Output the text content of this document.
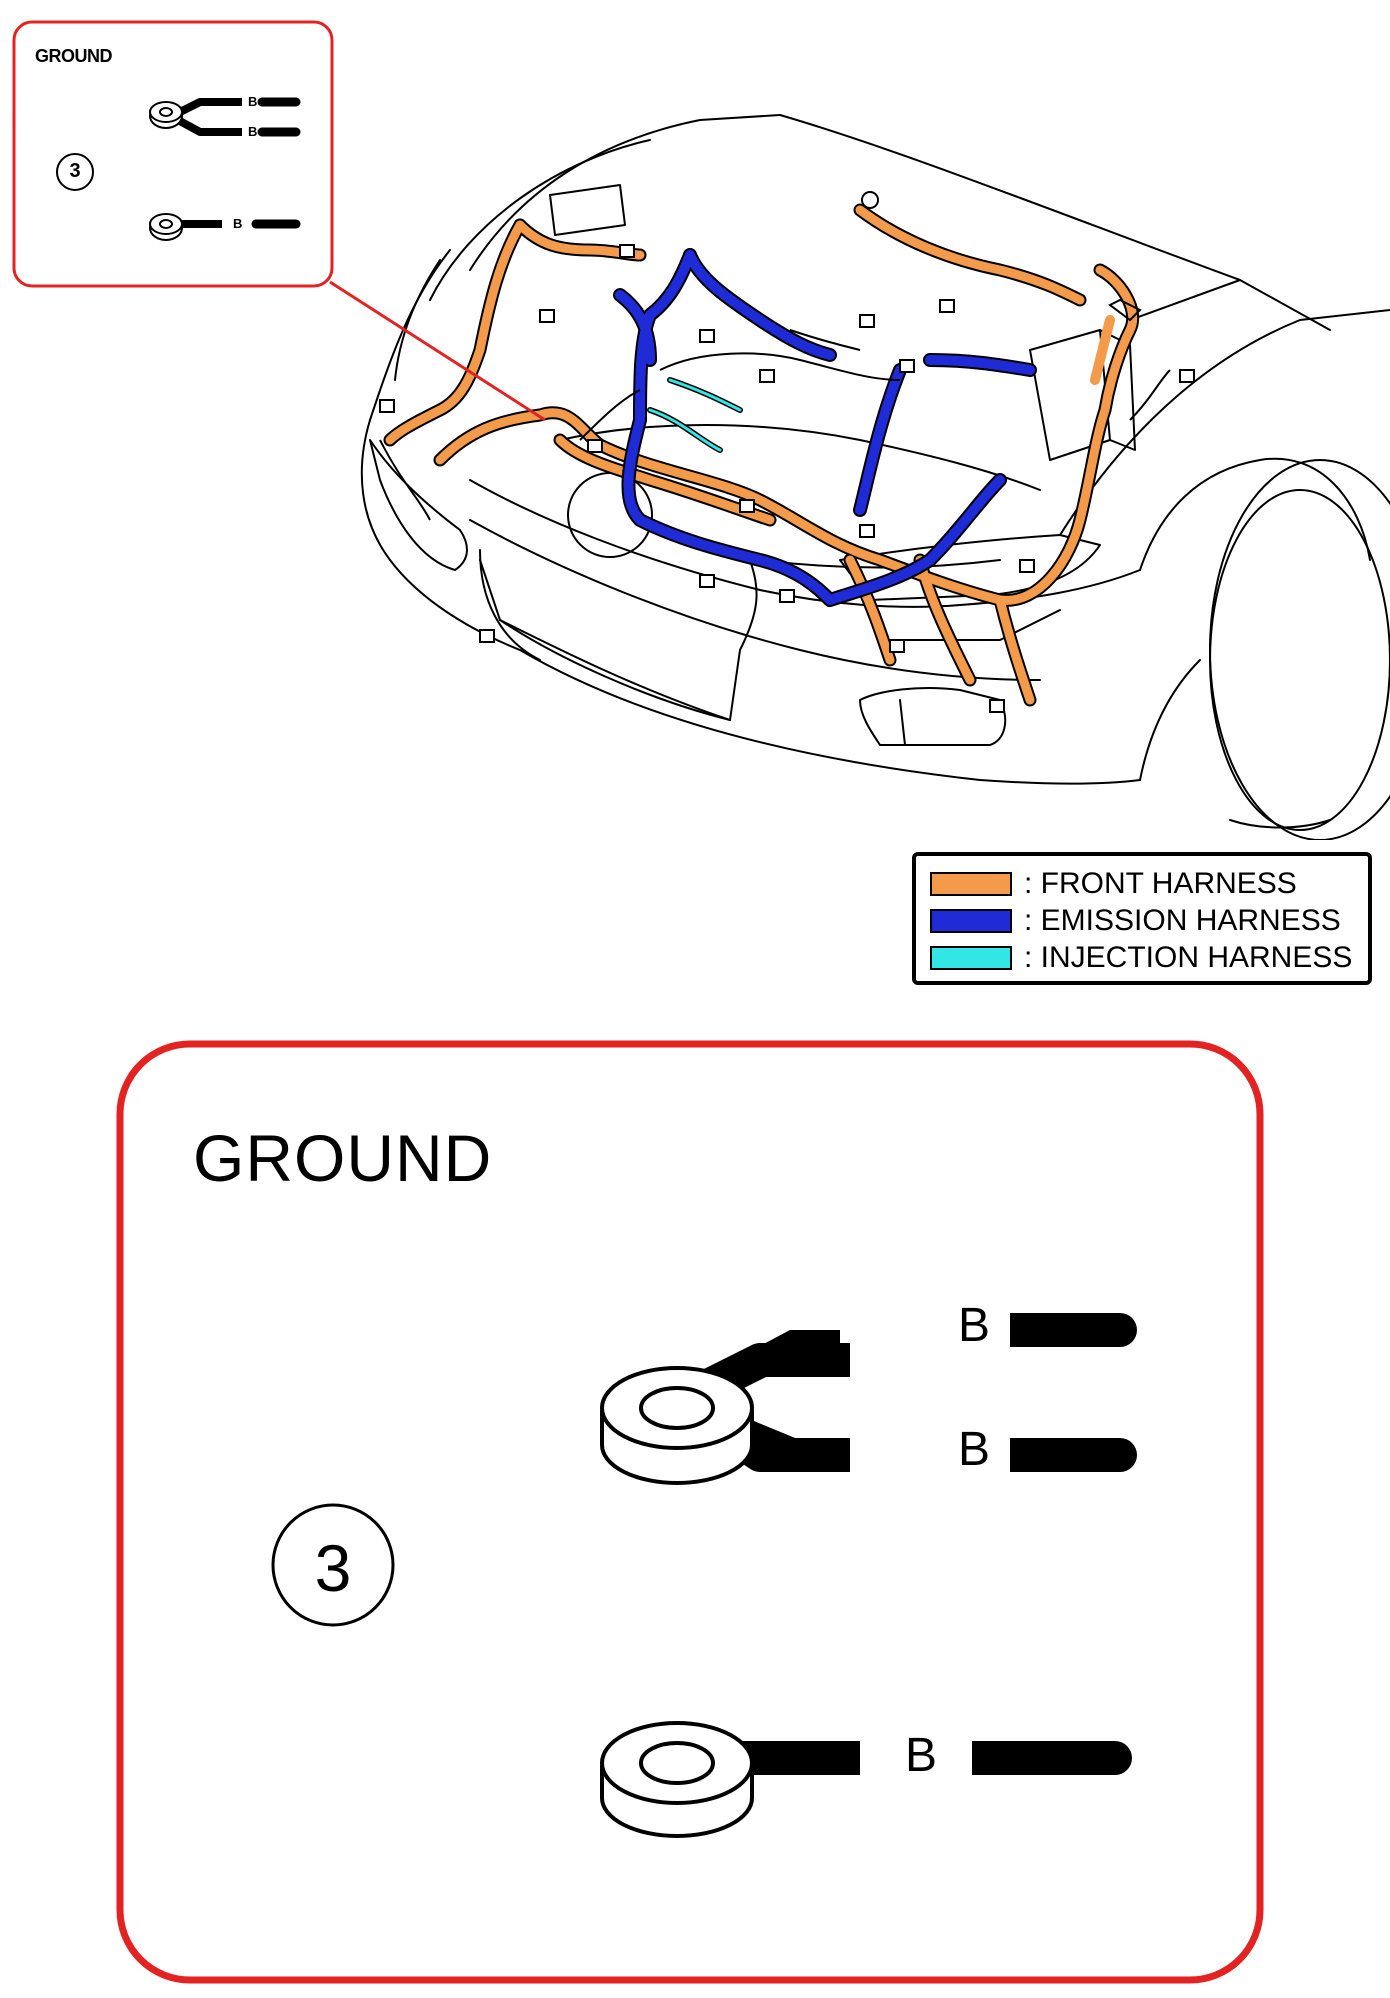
GROUND
3
B
B
B
: FRONT HARNESS
: EMISSION HARNESS
: INJECTION HARNESS
GROUND
3
B
B
B
